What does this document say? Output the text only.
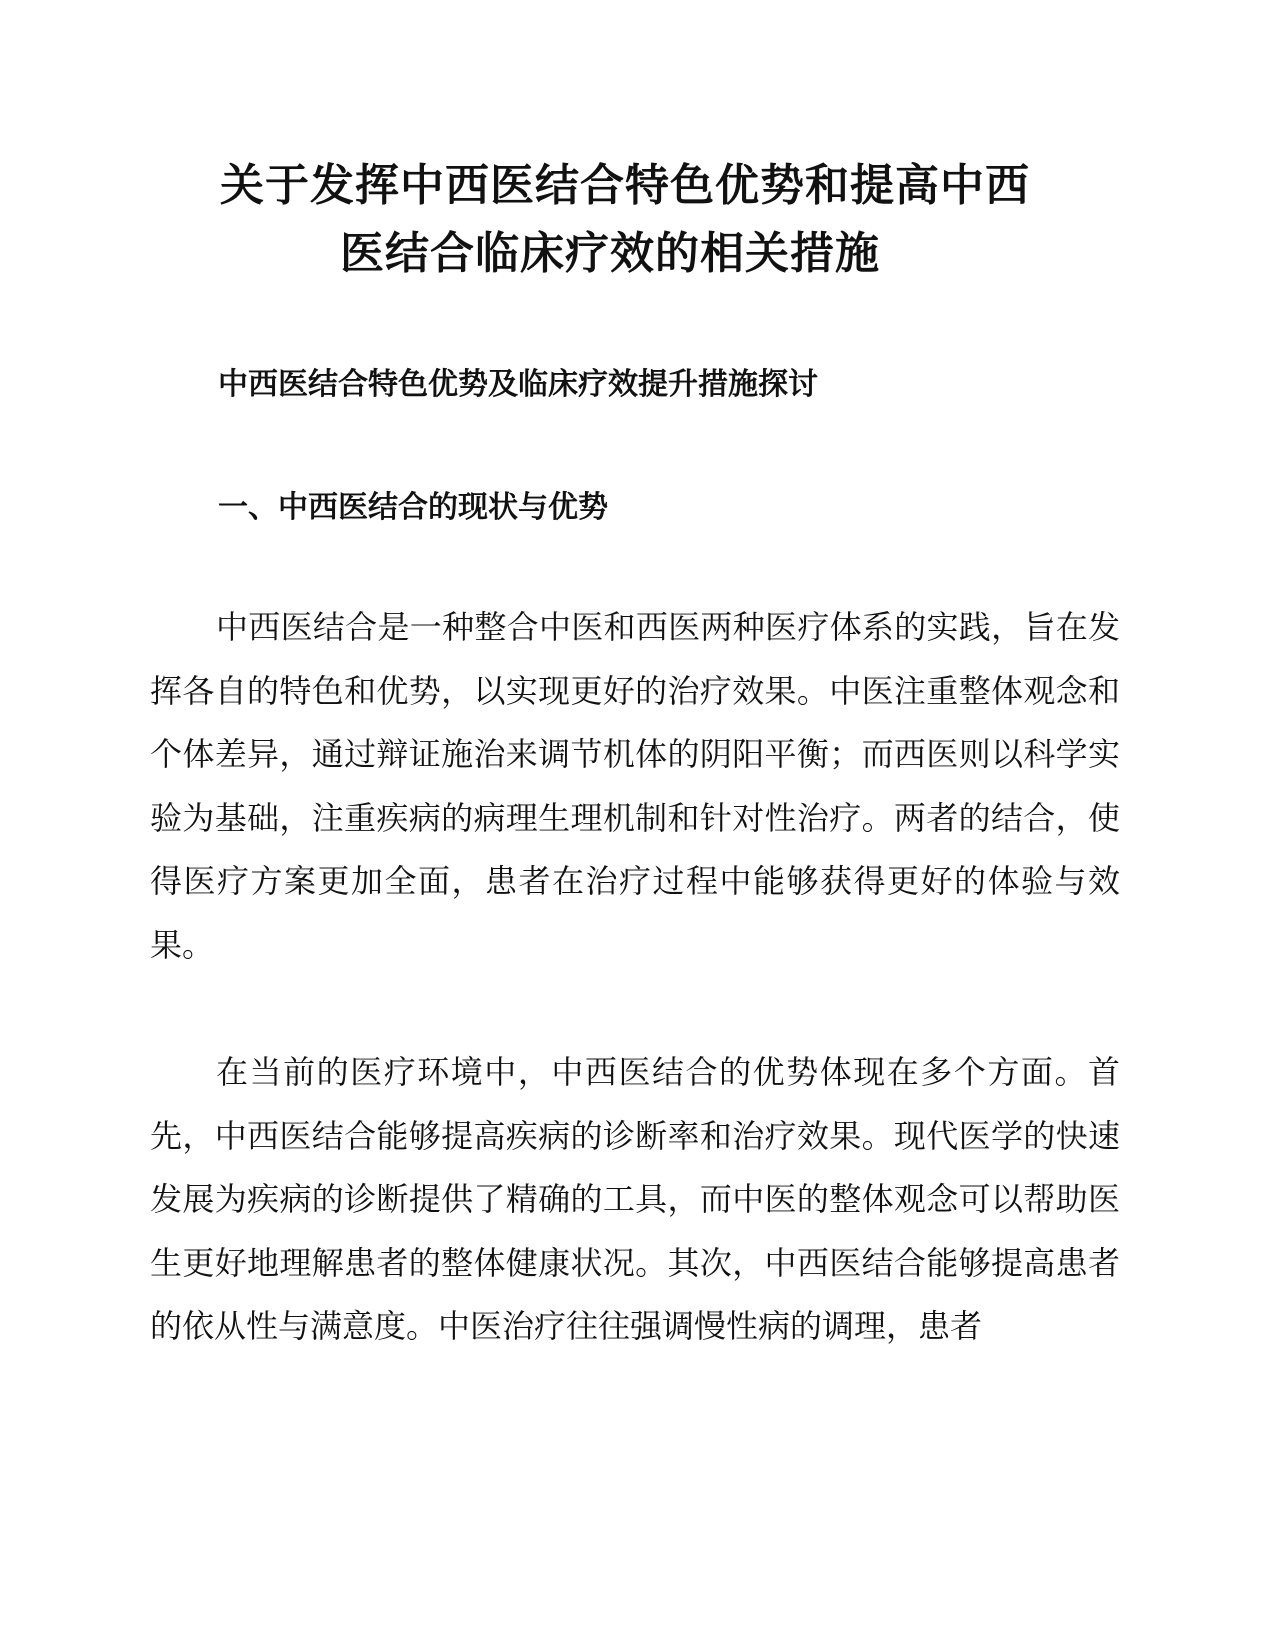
关于发挥中西医结合特色优势和提高中西
医结合临床疗效的相关措施
中西医结合特色优势及临床疗效提升措施探讨
一、中西医结合的现状与优势

中西医结合是一种整合中医和西医两种医疗体系的实践，旨在发挥各自的特色和优势，以实现更好的治疗效果。中医注重整体观念和个体差异，通过辩证施治来调节机体的阴阳平衡；而西医则以科学实验为基础，注重疾病的病理生理机制和针对性治疗。两者的结合，使得医疗方案更加全面，患者在治疗过程中能够获得更好的体验与效果。

在当前的医疗环境中，中西医结合的优势体现在多个方面。首先，中西医结合能够提高疾病的诊断率和治疗效果。现代医学的快速发展为疾病的诊断提供了精确的工具，而中医的整体观念可以帮助医生更好地理解患者的整体健康状况。其次，中西医结合能够提高患者的依从性与满意度。中医治疗往往强调慢性病的调理，患者
